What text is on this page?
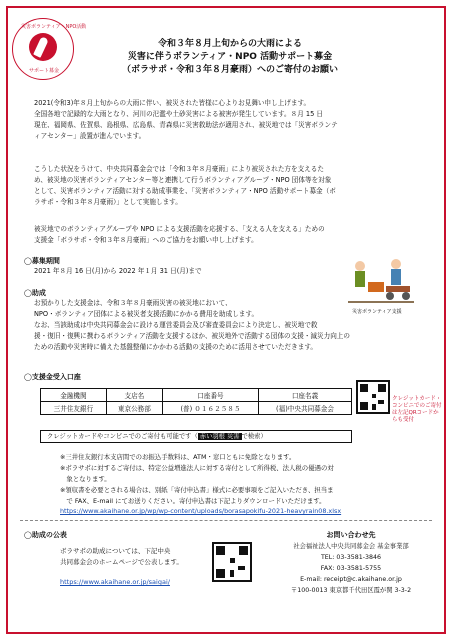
災害ボランティア・NPO活動
サポート募金
令和３年８月上旬からの大雨による
災害に伴うボランティア・NPO 活動サポート募金
（ボラサポ・令和３年８月豪雨）へのご寄付のお願い
2021(令和3)年８月上旬からの大雨に伴い、被災された皆様に心よりお見舞い申し上げます。
全国各地で記録的な大雨となり、河川の氾濫や土砂災害による被害が発生しています。８月 15 日
現在、福岡県、佐賀県、島根県、広島県、青森県に災害救助法が適用され、被災地では「災害ボランテ
ィアセンター」設置が進んでいます。
こうした状況をうけて、中央共同募金会では「令和３年８月豪雨」により被災された方を支えるた
め、被災地の災害ボランティアセンター等と連携して行うボランティアグループ・NPO 団体等を対象
として、災害ボランティア活動に対する助成事業を、「災害ボランティア・NPO 活動サポート募金（ボ
ラサポ・令和３年８月豪雨）」として実施します。
被災地でのボランティアグループや NPO による支援活動を応援する、「支える人を支える」ための
支援金「ボラサポ・令和３年８月豪雨」へのご協力をお願い申し上げます。
◯募集期間
2021 年８月 16 日(月)から 2022 年１月 31 日(月)まで
◯助成
お預かりした支援金は、令和３年８月豪雨災害の被災地において、
NPO・ボランティア団体による被災者支援活動にかかる費用を助成します。
なお、当該助成は中央共同募金会に設ける運営委員会及び審査委員会により決定し、被災地で救
援・復旧・復興に携わるボランティア活動を支援するほか、被災地外で活動する団体の支援・減災力向上の
ための活動や災害時に備えた基盤整備にかかわる活動の支援のために活用させていただきます。
災害ボランティア支援
◯支援金受入口座
金融機関	支店名	口座番号	口座名義
三井住友銀行	東京公務部	(普) ０１６２５８５	(福)中央共同募金会
クレジットカードやコンビニでのご寄付も可能です（ 赤い羽根 災害 で検索）
クレジットカード・コンビニでのご寄付は左記QRコードからも受付
※三井住友銀行本支店間でのお振込手数料は、ATM・窓口ともに免除となります。
※ボラサポに対するご寄付は、特定公益増進法人に対する寄付として所得税、法人税の優遇の対
　象となります。
※領収書を必要とされる場合は、別紙「寄付申込書」様式に必要事項をご記入いただき、担当ま
　で FAX、E-mail にてお送りください。寄付申込書は下記よりダウンロードいただけます。
https://www.akaihane.or.jp/wp/wp-content/uploads/borasapokifu-2021-heavyrain08.xlsx
◯助成の公表
ボラサポの助成については、下記中央
共同募金会のホームページで公表します。
https://www.akaihane.or.jp/saigai/
お問い合わせ先
社会福祉法人中央共同募金会 基金事業部
TEL: 03-3581-3846
FAX: 03-3581-5755
E-mail: receipt@c.akaihane.or.jp
〒100-0013 東京都千代田区霞が関 3-3-2
